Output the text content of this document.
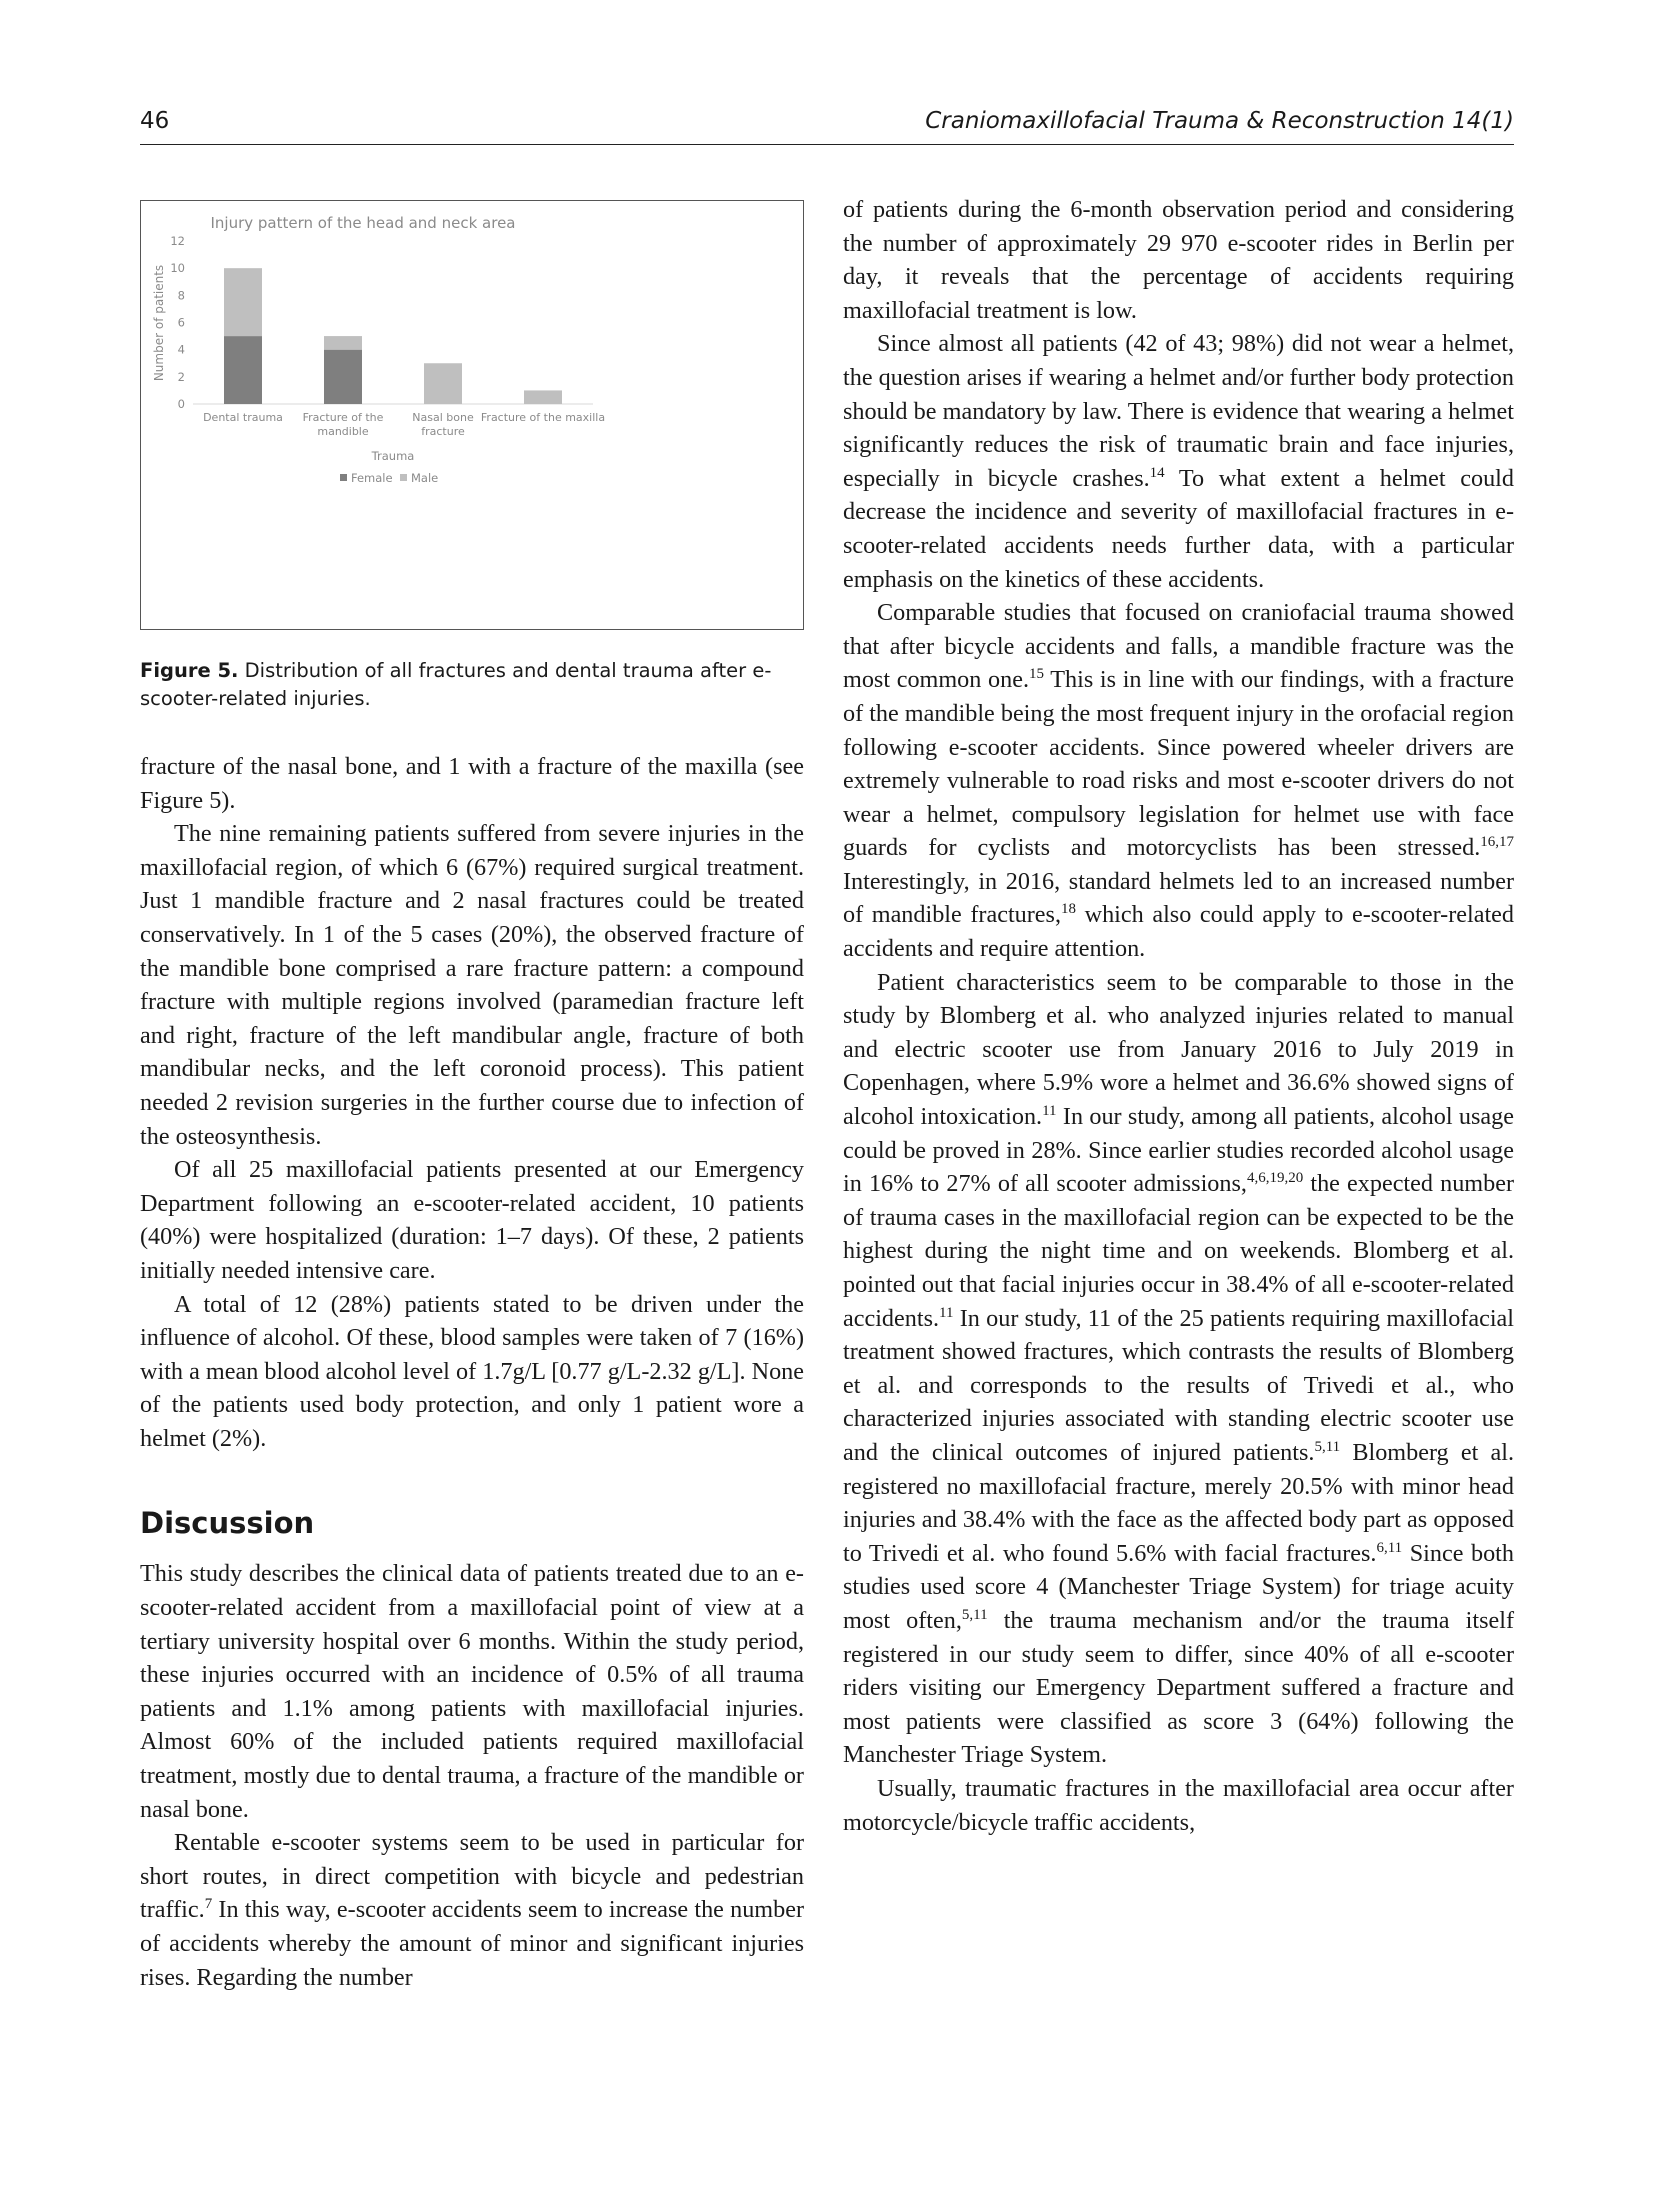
46	Craniomaxillofacial Trauma & Reconstruction 14(1)
Injury pattern of the head and neck area
Number of patients
0
2
4
6
8
10
12
Dental trauma Fracture of the
mandible
Nasal bone
fracture
Fracture of the maxilla
Trauma
Female Male
Figure 5. Distribution of all fractures and dental trauma after e-scooter-related injuries.

fracture of the nasal bone, and 1 with a fracture of the maxilla (see Figure 5).

The nine remaining patients suffered from severe injuries in the maxillofacial region, of which 6 (67%) required surgical treatment. Just 1 mandible fracture and 2 nasal fractures could be treated conservatively. In 1 of the 5 cases (20%), the observed fracture of the mandible bone comprised a rare fracture pattern: a compound fracture with multiple regions involved (paramedian fracture left and right, fracture of the left mandibular angle, fracture of both mandibular necks, and the left coronoid process). This patient needed 2 revision surgeries in the further course due to infection of the osteosynthesis.

Of all 25 maxillofacial patients presented at our Emergency Department following an e-scooter-related accident, 10 patients (40%) were hospitalized (duration: 1–7 days). Of these, 2 patients initially needed intensive care.

A total of 12 (28%) patients stated to be driven under the influence of alcohol. Of these, blood samples were taken of 7 (16%) with a mean blood alcohol level of 1.7g/L [0.77 g/L-2.32 g/L]. None of the patients used body protection, and only 1 patient wore a helmet (2%).

Discussion

This study describes the clinical data of patients treated due to an e-scooter-related accident from a maxillofacial point of view at a tertiary university hospital over 6 months. Within the study period, these injuries occurred with an incidence of 0.5% of all trauma patients and 1.1% among patients with maxillofacial injuries. Almost 60% of the included patients required maxillofacial treatment, mostly due to dental trauma, a fracture of the mandible or nasal bone.

Rentable e-scooter systems seem to be used in particular for short routes, in direct competition with bicycle and pedestrian traffic.$^7$ In this way, e-scooter accidents seem to increase the number of accidents whereby the amount of minor and significant injuries rises. Regarding the number

of patients during the 6-month observation period and considering the number of approximately 29 970 e-scooter rides in Berlin per day, it reveals that the percentage of accidents requiring maxillofacial treatment is low.

Since almost all patients (42 of 43; 98%) did not wear a helmet, the question arises if wearing a helmet and/or further body protection should be mandatory by law. There is evidence that wearing a helmet significantly reduces the risk of traumatic brain and face injuries, especially in bicycle crashes.$^{14}$ To what extent a helmet could decrease the incidence and severity of maxillofacial fractures in e-scooter-related accidents needs further data, with a particular emphasis on the kinetics of these accidents.

Comparable studies that focused on craniofacial trauma showed that after bicycle accidents and falls, a mandible fracture was the most common one.$^{15}$ This is in line with our findings, with a fracture of the mandible being the most frequent injury in the orofacial region following e-scooter accidents. Since powered wheeler drivers are extremely vulnerable to road risks and most e-scooter drivers do not wear a helmet, compulsory legislation for helmet use with face guards for cyclists and motorcyclists has been stressed.$^{16,17}$ Interestingly, in 2016, standard helmets led to an increased number of mandible fractures,$^{18}$ which also could apply to e-scooter-related accidents and require attention.

Patient characteristics seem to be comparable to those in the study by Blomberg et al. who analyzed injuries related to manual and electric scooter use from January 2016 to July 2019 in Copenhagen, where 5.9% wore a helmet and 36.6% showed signs of alcohol intoxication.$^{11}$ In our study, among all patients, alcohol usage could be proved in 28%. Since earlier studies recorded alcohol usage in 16% to 27% of all scooter admissions,$^{4,6,19,20}$ the expected number of trauma cases in the maxillofacial region can be expected to be the highest during the night time and on weekends. Blomberg et al. pointed out that facial injuries occur in 38.4% of all e-scooter-related accidents.$^{11}$ In our study, 11 of the 25 patients requiring maxillofacial treatment showed fractures, which contrasts the results of Blomberg et al. and corresponds to the results of Trivedi et al., who characterized injuries associated with standing electric scooter use and the clinical outcomes of injured patients.$^{5,11}$ Blomberg et al. registered no maxillofacial fracture, merely 20.5% with minor head injuries and 38.4% with the face as the affected body part as opposed to Trivedi et al. who found 5.6% with facial fractures.$^{6,11}$ Since both studies used score 4 (Manchester Triage System) for triage acuity most often,$^{5,11}$ the trauma mechanism and/or the trauma itself registered in our study seem to differ, since 40% of all e-scooter riders visiting our Emergency Department suffered a fracture and most patients were classified as score 3 (64%) following the Manchester Triage System.

Usually, traumatic fractures in the maxillofacial area occur after motorcycle/bicycle traffic accidents,
